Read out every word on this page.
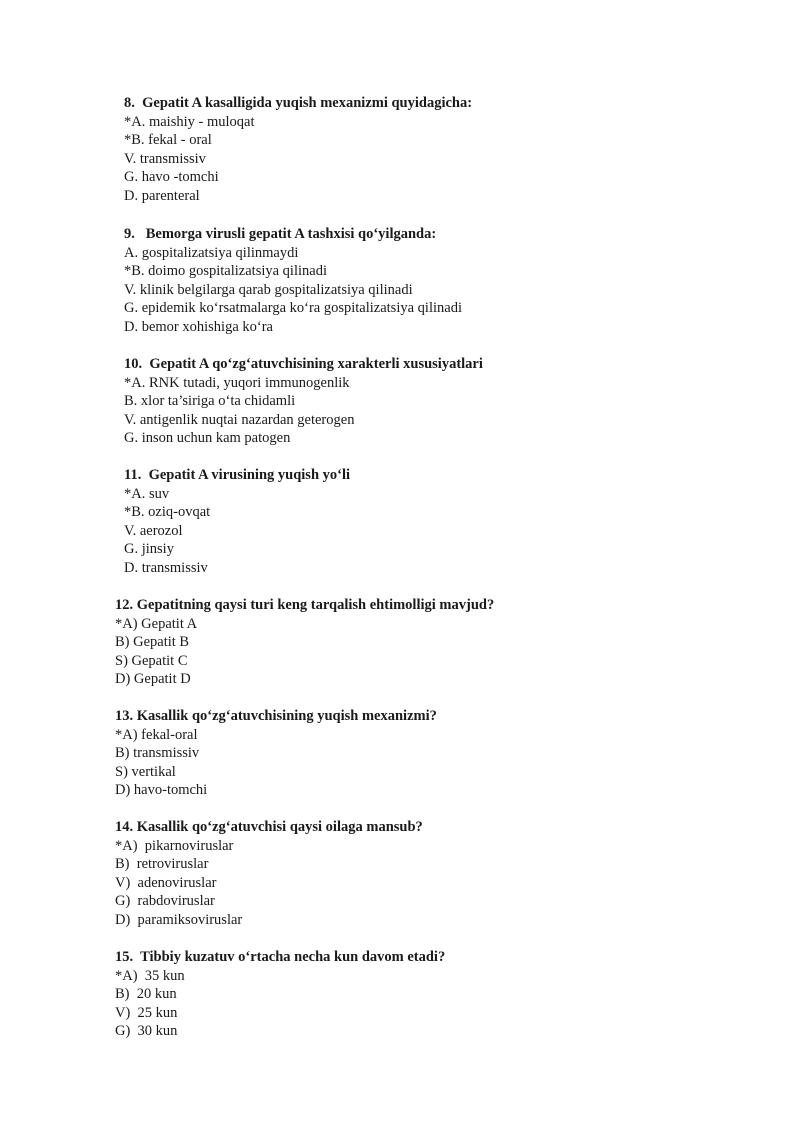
8.  Gepatit A kasalligida yuqish mexanizmi quyidagicha:
*A. maishiy - muloqat
*B. fekal - oral
V. transmissiv
G. havo -tomchi
D. parenteral
9.   Bemorga virusli gepatit A tashxisi qo‘yilganda:
A. gospitalizatsiya qilinmaydi
*B. doimo gospitalizatsiya qilinadi
V. klinik belgilarga qarab gospitalizatsiya qilinadi
G. epidemik ko‘rsatmalarga ko‘ra gospitalizatsiya qilinadi
D. bemor xohishiga ko‘ra
10.  Gepatit A qo‘zg‘atuvchisining xarakterli xususiyatlari
*A. RNK tutadi, yuqori immunogenlik
B. xlor ta’siriga o‘ta chidamli
V. antigenlik nuqtai nazardan geterogen
G. inson uchun kam patogen
11.  Gepatit A virusining yuqish yo‘li
*A. suv
*B. oziq-ovqat
V. aerozol
G. jinsiy
D. transmissiv
12. Gepatitning qaysi turi keng tarqalish ehtimolligi mavjud?
*A) Gepatit A
B) Gepatit B
S) Gepatit C
D) Gepatit D
13. Kasallik qo‘zg‘atuvchisining yuqish mexanizmi?
*A) fekal-oral
B) transmissiv
S) vertikal
D) havo-tomchi
14. Kasallik qo‘zg‘atuvchisi qaysi oilaga mansub?
*A)  pikarnoviruslar
B)  retroviruslar
V)  adenoviruslar
G)  rabdoviruslar
D)  paramiksoviruslar
15.  Tibbiy kuzatuv o‘rtacha necha kun davom etadi?
*A)  35 kun
B)  20 kun
V)  25 kun
G)  30 kun
